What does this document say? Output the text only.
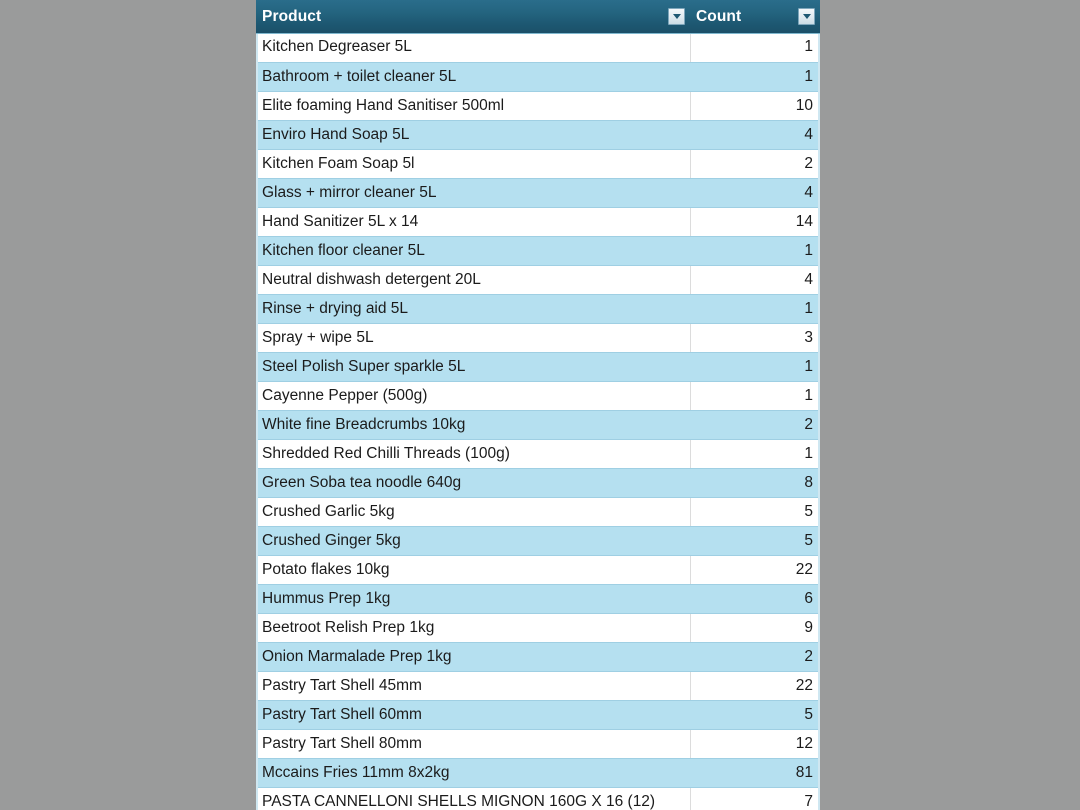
Product	Count

Kitchen Degreaser 5L	1
Bathroom + toilet cleaner 5L	1
Elite foaming Hand Sanitiser 500ml	10
Enviro Hand Soap 5L	4
Kitchen Foam Soap 5l	2
Glass + mirror cleaner 5L	4
Hand Sanitizer 5L x 14	14
Kitchen floor cleaner 5L	1
Neutral dishwash detergent 20L	4
Rinse + drying aid 5L	1
Spray + wipe 5L	3
Steel Polish Super sparkle 5L	1
Cayenne Pepper (500g)	1
White fine Breadcrumbs 10kg	2
Shredded Red Chilli Threads (100g)	1
Green Soba tea noodle 640g	8
Crushed Garlic 5kg	5
Crushed Ginger 5kg	5
Potato flakes 10kg	22
Hummus Prep 1kg	6
Beetroot Relish Prep 1kg	9
Onion Marmalade Prep 1kg	2
Pastry Tart Shell 45mm	22
Pastry Tart Shell 60mm	5
Pastry Tart Shell 80mm	12
Mccains Fries 11mm 8x2kg	81
PASTA CANNELLONI SHELLS MIGNON 160G X 16 (12)	7
